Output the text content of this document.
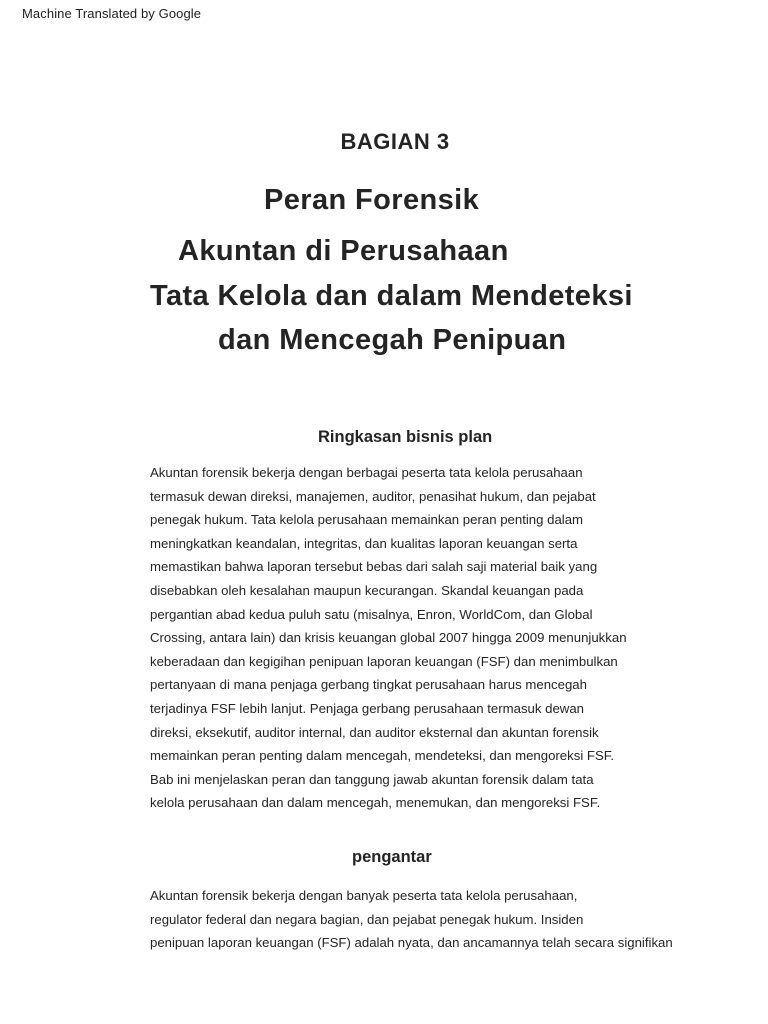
Machine Translated by Google
BAGIAN 3
Peran Forensik
Akuntan di Perusahaan
Tata Kelola dan dalam Mendeteksi
dan Mencegah Penipuan
Ringkasan bisnis plan

Akuntan forensik bekerja dengan berbagai peserta tata kelola perusahaan
termasuk dewan direksi, manajemen, auditor, penasihat hukum, dan pejabat
penegak hukum. Tata kelola perusahaan memainkan peran penting dalam
meningkatkan keandalan, integritas, dan kualitas laporan keuangan serta
memastikan bahwa laporan tersebut bebas dari salah saji material baik yang
disebabkan oleh kesalahan maupun kecurangan. Skandal keuangan pada
pergantian abad kedua puluh satu (misalnya, Enron, WorldCom, dan Global
Crossing, antara lain) dan krisis keuangan global 2007 hingga 2009 menunjukkan
keberadaan dan kegigihan penipuan laporan keuangan (FSF) dan menimbulkan
pertanyaan di mana penjaga gerbang tingkat perusahaan harus mencegah
terjadinya FSF lebih lanjut. Penjaga gerbang perusahaan termasuk dewan
direksi, eksekutif, auditor internal, dan auditor eksternal dan akuntan forensik
memainkan peran penting dalam mencegah, mendeteksi, dan mengoreksi FSF.
Bab ini menjelaskan peran dan tanggung jawab akuntan forensik dalam tata
kelola perusahaan dan dalam mencegah, menemukan, dan mengoreksi FSF.

pengantar

Akuntan forensik bekerja dengan banyak peserta tata kelola perusahaan,
regulator federal dan negara bagian, dan pejabat penegak hukum. Insiden
penipuan laporan keuangan (FSF) adalah nyata, dan ancamannya telah secara signifikan
